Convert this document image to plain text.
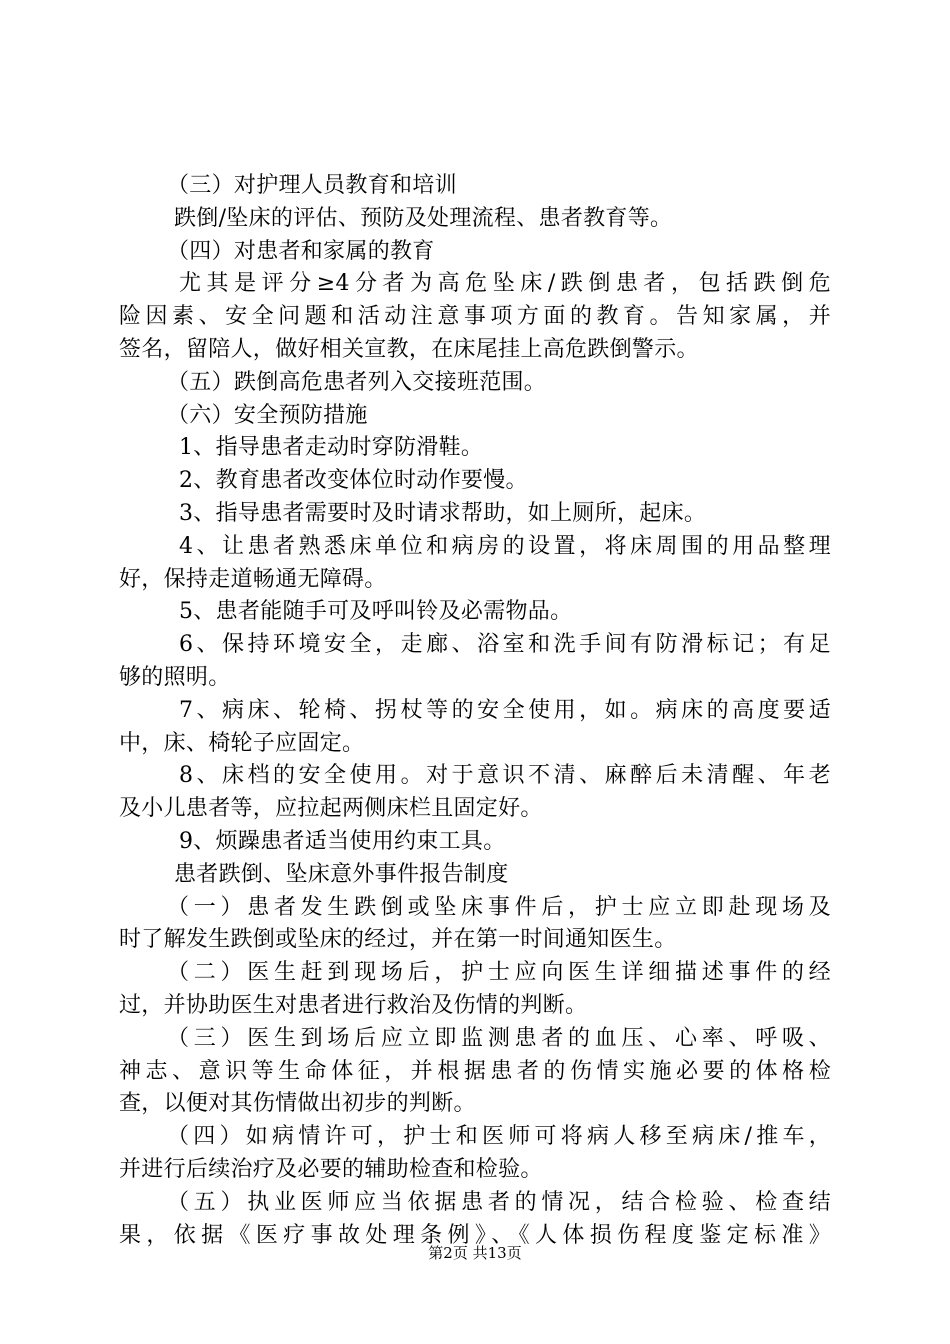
（三）对护理人员教育和培训
跌倒/坠床的评估、预防及处理流程、患者教育等。
（四）对患者和家属的教育
尤其是评分≥4分者为高危坠床/跌倒患者，包括跌倒危
险因素、安全问题和活动注意事项方面的教育。告知家属，并
签名，留陪人，做好相关宣教，在床尾挂上高危跌倒警示。
（五）跌倒高危患者列入交接班范围。
（六）安全预防措施
1、指导患者走动时穿防滑鞋。
2、教育患者改变体位时动作要慢。
3、指导患者需要时及时请求帮助，如上厕所，起床。
4、让患者熟悉床单位和病房的设置，将床周围的用品整理
好，保持走道畅通无障碍。
5、患者能随手可及呼叫铃及必需物品。
6、保持环境安全，走廊、浴室和洗手间有防滑标记；有足
够的照明。
7、病床、轮椅、拐杖等的安全使用，如。病床的高度要适
中，床、椅轮子应固定。
8、床档的安全使用。对于意识不清、麻醉后未清醒、年老
及小儿患者等，应拉起两侧床栏且固定好。
9、烦躁患者适当使用约束工具。
患者跌倒、坠床意外事件报告制度
（一）患者发生跌倒或坠床事件后，护士应立即赴现场及
时了解发生跌倒或坠床的经过，并在第一时间通知医生。
（二）医生赶到现场后，护士应向医生详细描述事件的经
过，并协助医生对患者进行救治及伤情的判断。
（三）医生到场后应立即监测患者的血压、心率、呼吸、
神志、意识等生命体征，并根据患者的伤情实施必要的体格检
查，以便对其伤情做出初步的判断。
（四）如病情许可，护士和医师可将病人移至病床/推车，
并进行后续治疗及必要的辅助检查和检验。
（五）执业医师应当依据患者的情况，结合检验、检查结
果，依据《医疗事故处理条例》、《人体损伤程度鉴定标准》
第2页 共13页
